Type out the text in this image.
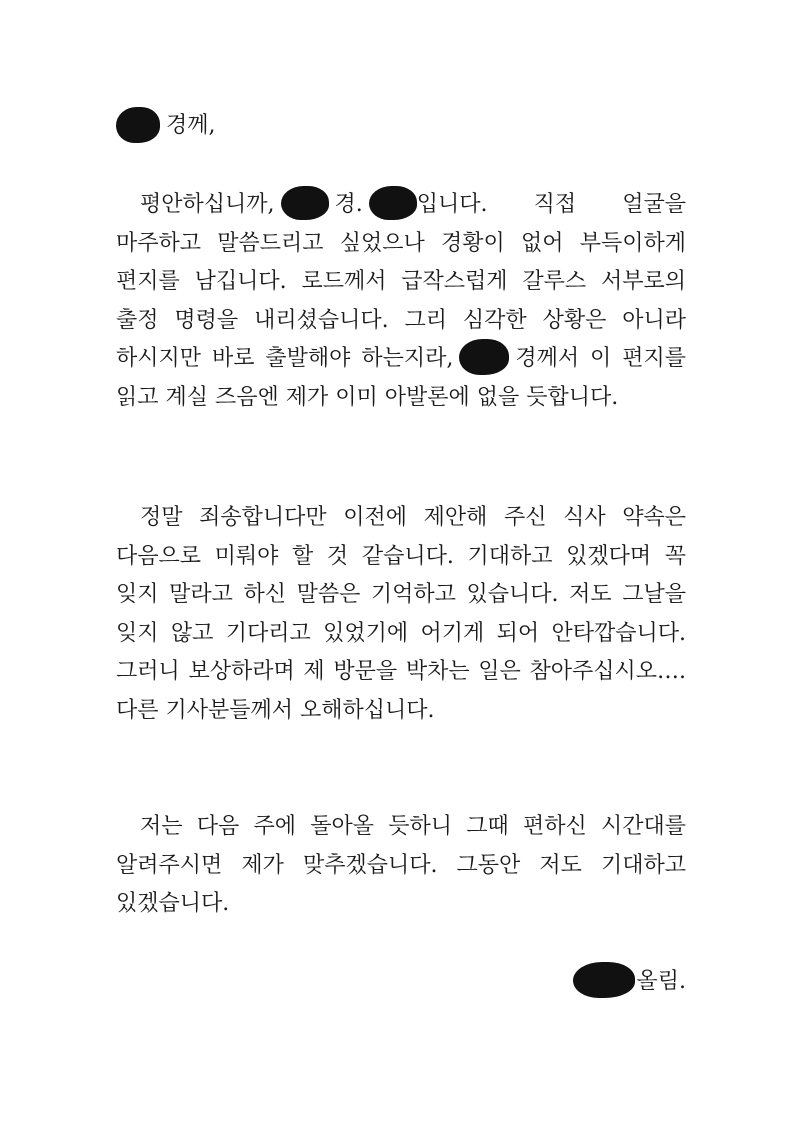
경께,

평안하십니까,	경. 입니다. 직접 얼굴을 마주하고 말씀드리고 싶었으나 경황이 없어 부득이하게 편지를 남깁니다. 로드께서 급작스럽게 갈루스 서부로의 출정 명령을 내리셨습니다. 그리 심각한 상황은 아니라 하시지만 바로 출발해야 하는지라,	경께서 이 편지를 읽고 계실 즈음엔 제가 이미 아발론에 없을 듯합니다.

정말 죄송합니다만 이전에 제안해 주신 식사 약속은 다음으로 미뤄야 할 것 같습니다. 기대하고 있겠다며 꼭 잊지 말라고 하신 말씀은 기억하고 있습니다. 저도 그날을 잊지 않고 기다리고 있었기에 어기게 되어 안타깝습니다. 그러니 보상하라며 제 방문을 박차는 일은 참아주십시오…. 다른 기사분들께서 오해하십니다.

저는 다음 주에 돌아올 듯하니 그때 편하신 시간대를 알려주시면 제가 맞추겠습니다. 그동안 저도 기대하고 있겠습니다.

올림.
